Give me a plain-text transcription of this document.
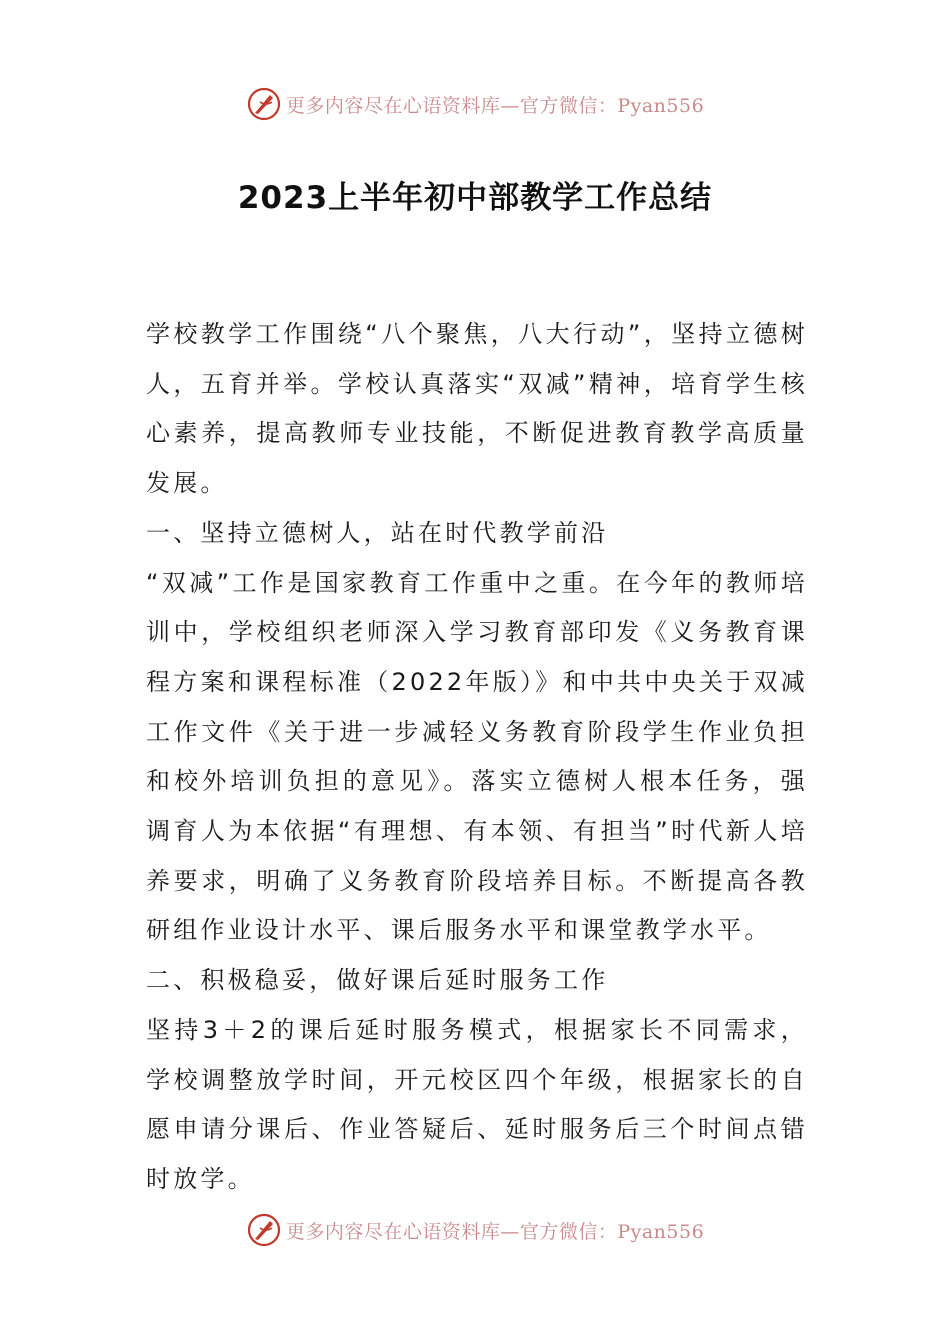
更多内容尽在心语资料库—官方微信：Pyan556
2023上半年初中部教学工作总结

学校教学工作围绕“八个聚焦，八大行动”，坚持立德树人，五育并举。学校认真落实“双减”精神，培育学生核心素养，提高教师专业技能，不断促进教育教学高质量发展。

一、坚持立德树人，站在时代教学前沿

“双减”工作是国家教育工作重中之重。在今年的教师培训中，学校组织老师深入学习教育部印发《义务教育课程方案和课程标准（2022年版）》和中共中央关于双减工作文件《关于进一步减轻义务教育阶段学生作业负担和校外培训负担的意见》。落实立德树人根本任务，强调育人为本依据“有理想、有本领、有担当”时代新人培养要求，明确了义务教育阶段培养目标。不断提高各教研组作业设计水平、课后服务水平和课堂教学水平。

二、积极稳妥，做好课后延时服务工作

坚持3＋2的课后延时服务模式，根据家长不同需求，学校调整放学时间，开元校区四个年级，根据家长的自愿申请分课后、作业答疑后、延时服务后三个时间点错时放学。

更多内容尽在心语资料库—官方微信：Pyan556
